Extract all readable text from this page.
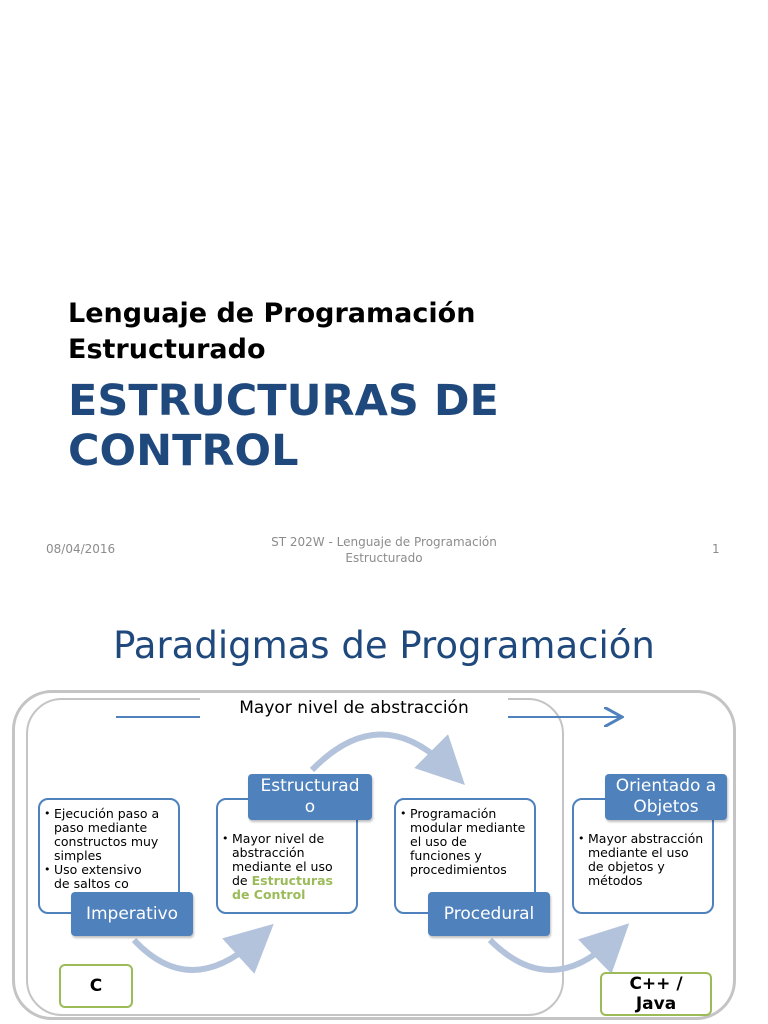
Lenguaje de Programación
Estructurado
ESTRUCTURAS DE
CONTROL
08/04/2016	ST 202W - Lenguaje de Programación
Estructurado
1
Paradigmas de Programación
Mayor nivel de abstracción
• Ejecución paso a paso mediante constructos muy simples
• Uso extensivo de saltos co
Imperativo
• Mayor nivel de abstracción mediante el uso de Estructuras
de Control
Estructurad
o
•	Programación modular mediante el uso de funciones y procedimientos
Procedural
• Mayor abstracción mediante el uso de objetos y métodos
Orientado a
Objetos
C	C++ /
Java
